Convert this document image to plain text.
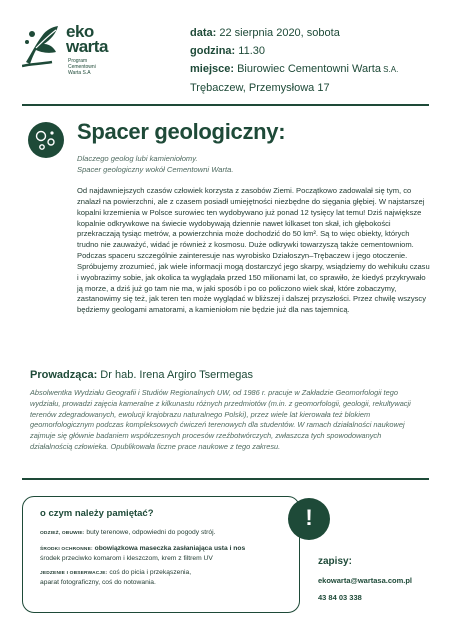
eko
warta
Program Cementowni Warta S.A
data: 22 sierpnia 2020, sobota
godzina: 11.30
miejsce: Biurowiec Cementowni Warta S.A.
Trębaczew, Przemysłowa 17
Spacer geologiczny:
Dlaczego geolog lubi kamieniołomy.
Spacer geologiczny wokół Cementowni Warta.

Od najdawniejszych czasów człowiek korzysta z zasobów Ziemi. Początkowo zadowalał się tym, co znalazł na powierzchni, ale z czasem posiadł umiejętności niezbędne do sięgania głębiej. W najstarszej kopalni krzemienia w Polsce surowiec ten wydobywano już ponad 12 tysięcy lat temu! Dziś największe kopalnie odkrywkowe na świecie wydobywają dziennie nawet kilkaset ton skał, ich głębokości przekraczają tysiąc metrów, a powierzchnia może dochodzić do 50 km². Są to więc obiekty, których trudno nie zauważyć, widać je również z kosmosu. Duże odkrywki towarzyszą także cementowniom. Podczas spaceru szczególnie zainteresuje nas wyrobisko Działoszyn–Trębaczew i jego otoczenie. Spróbujemy zrozumieć, jak wiele informacji mogą dostarczyć jego skarpy, wsiądziemy do wehikułu czasu i wyobrazimy sobie, jak okolica ta wyglądała przed 150 milionami lat, co sprawiło, że kiedyś przykrywało ją morze, a dziś już go tam nie ma, w jaki sposób i po co policzono wiek skał, które zobaczymy, zastanowimy się też, jak teren ten może wyglądać w bliższej i dalszej przyszłości. Przez chwilę wszyscy będziemy geologami amatorami, a kamieniołom nie będzie już dla nas tajemnicą.

Prowadząca: Dr hab. Irena Argiro Tsermegas

Absolwentka Wydziału Geografii i Studiów Regionalnych UW, od 1986 r. pracuje w Zakładzie Geomorfologii tego wydziału, prowadzi zajęcia kameralne z kilkunastu różnych przedmiotów (m.in. z geomorfologii, geologii, rekultywacji terenów zdegradowanych, ewolucji krajobrazu naturalnego Polski), przez wiele lat kierowała też blokiem geomorfologicznym podczas kompleksowych ćwiczeń terenowych dla studentów. W ramach działalności naukowej zajmuje się głównie badaniem współczesnych procesów rzeźbotwórczych, zwłaszcza tych spowodowanych działalnością człowieka. Opublikowała liczne prace naukowe z tego zakresu.

o czym należy pamiętać?
ODZIEŻ, OBUWIE: buty terenowe, odpowiedni do pogody strój.
ŚRODKI OCHRONNE: obowiązkowa maseczka zasłaniająca usta i nos
środek przeciwko komarom i kleszczom, krem z filtrem UV
JEDZENIE I OBSERWACJE: coś do picia i przekąszenia,
aparat fotograficzny, coś do notowania.
!
zapisy:
ekowarta@wartasa.com.pl
43 84 03 338
